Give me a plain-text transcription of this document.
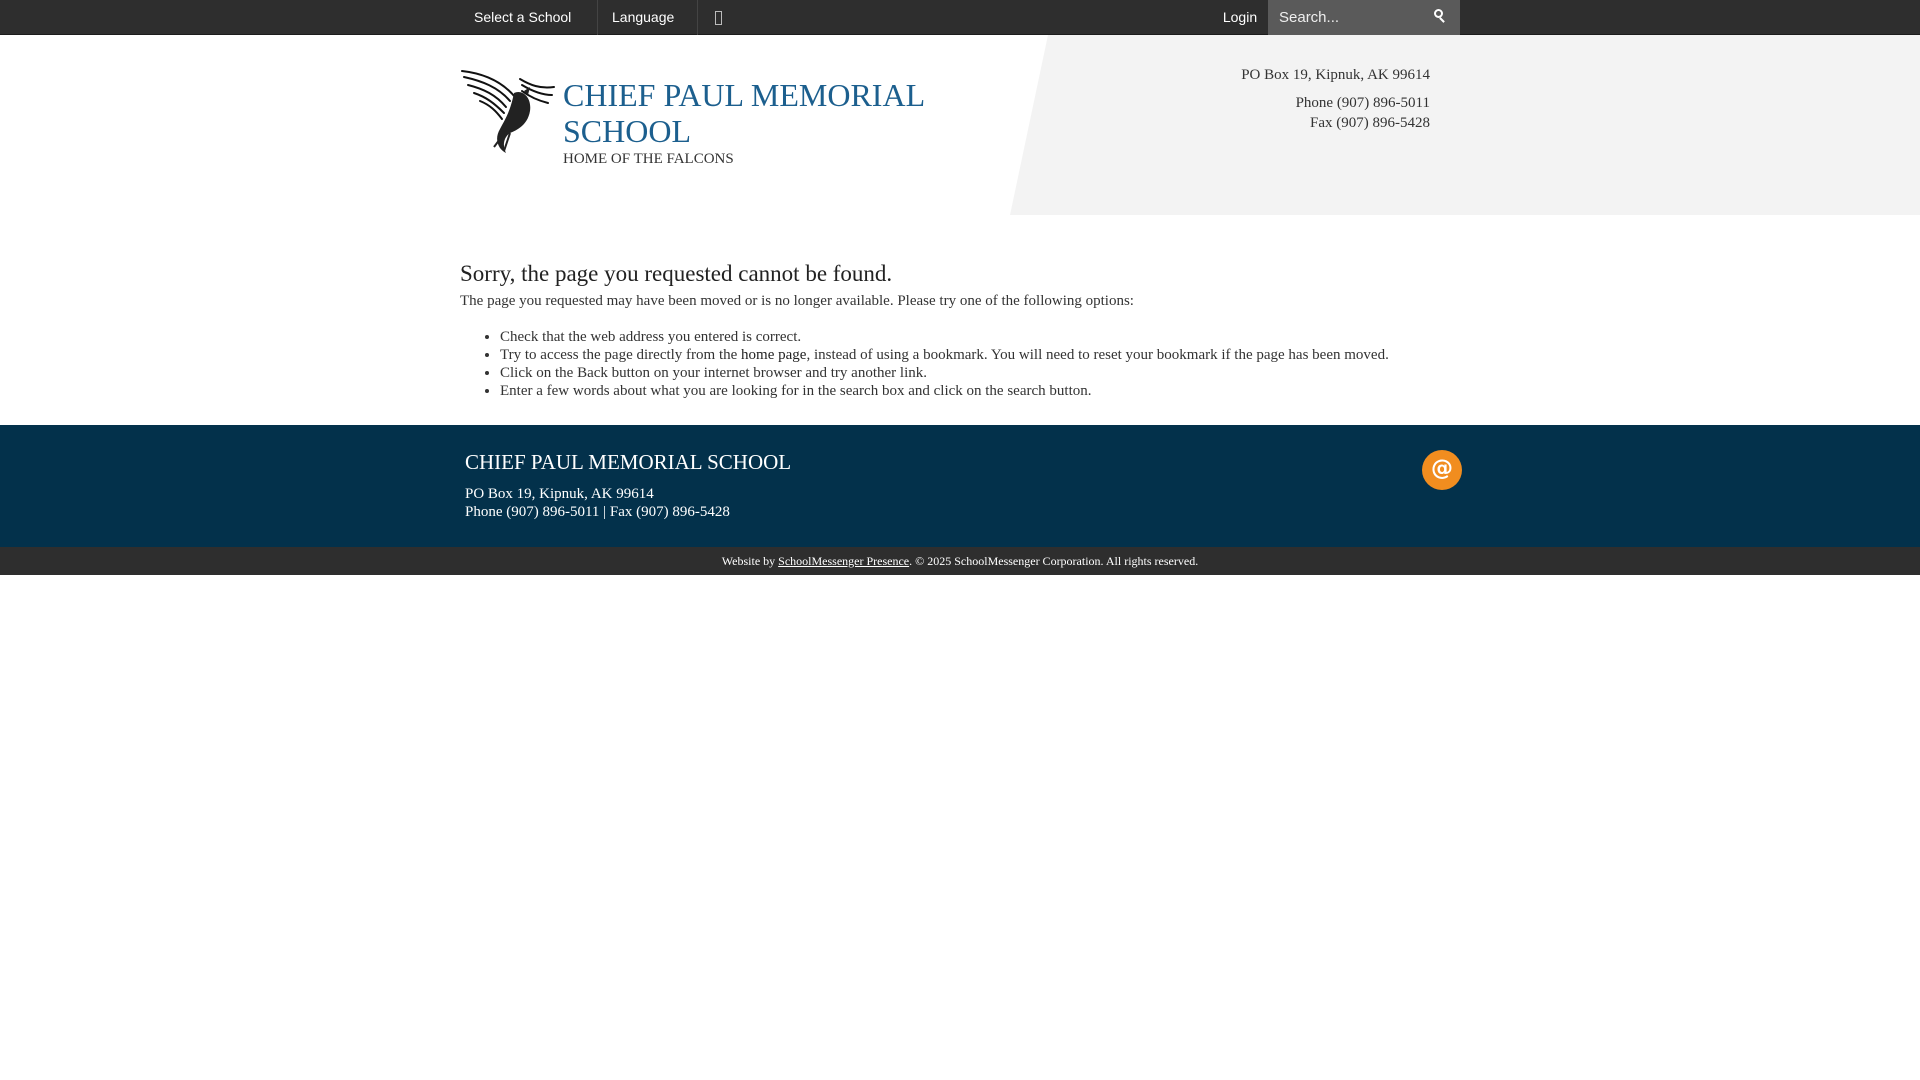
Select a School	Language	Login
Search...
CHIEF PAUL MEMORIAL SCHOOL
HOME OF THE FALCONS
PO Box 19, Kipnuk, AK 99614
Phone (907) 896-5011
Fax (907) 896-5428
Sorry, the page you requested cannot be found.

The page you requested may have been moved or is no longer available. Please try one of the following options:

• Check that the web address you entered is correct.
• Try to access the page directly from the home page, instead of using a bookmark. You will need to reset your bookmark if the page has been moved.
• Click on the Back button on your internet browser and try another link.
• Enter a few words about what you are looking for in the search box and click on the search button.
CHIEF PAUL MEMORIAL SCHOOL
PO Box 19, Kipnuk, AK 99614
Phone (907) 896-5011 | Fax (907) 896-5428
@
Website by SchoolMessenger Presence. © 2025 SchoolMessenger Corporation. All rights reserved.
